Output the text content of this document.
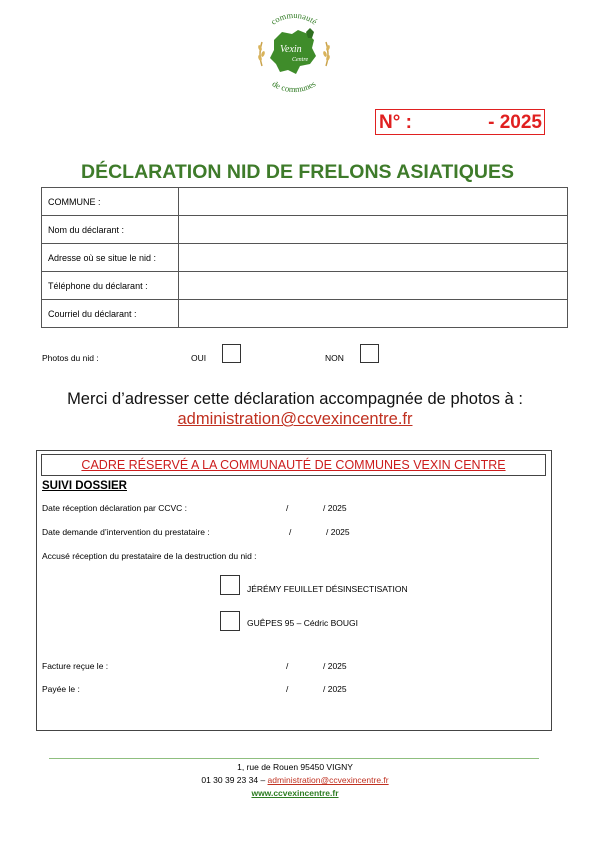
Vexin
Centre
communauté
de communes
N° :	- 2025
DÉCLARATION NID DE FRELONS ASIATIQUES
COMMUNE :	
Nom du déclarant :	
Adresse où se situe le nid :	
Téléphone du déclarant :	
Courriel du déclarant :	
Photos du nid :	OUI	NON
Merci d’adresser cette déclaration accompagnée de photos à :
administration@ccvexincentre.fr
CADRE RÉSERVÉ A LA COMMUNAUTÉ DE COMMUNES VEXIN CENTRE
SUIVI DOSSIER
Date réception déclaration par CCVC :	/	/ 2025
Date demande d’intervention du prestataire :	/	/ 2025
Accusé réception du prestataire de la destruction du nid :
JÉRÉMY FEUILLET DÉSINSECTISATION
GUÊPES 95 – Cédric BOUGI
Facture reçue le :	/	/ 2025
Payée le :	/	/ 2025
1, rue de Rouen 95450 VIGNY
01 30 39 23 34 – administration@ccvexincentre.fr
www.ccvexincentre.fr
